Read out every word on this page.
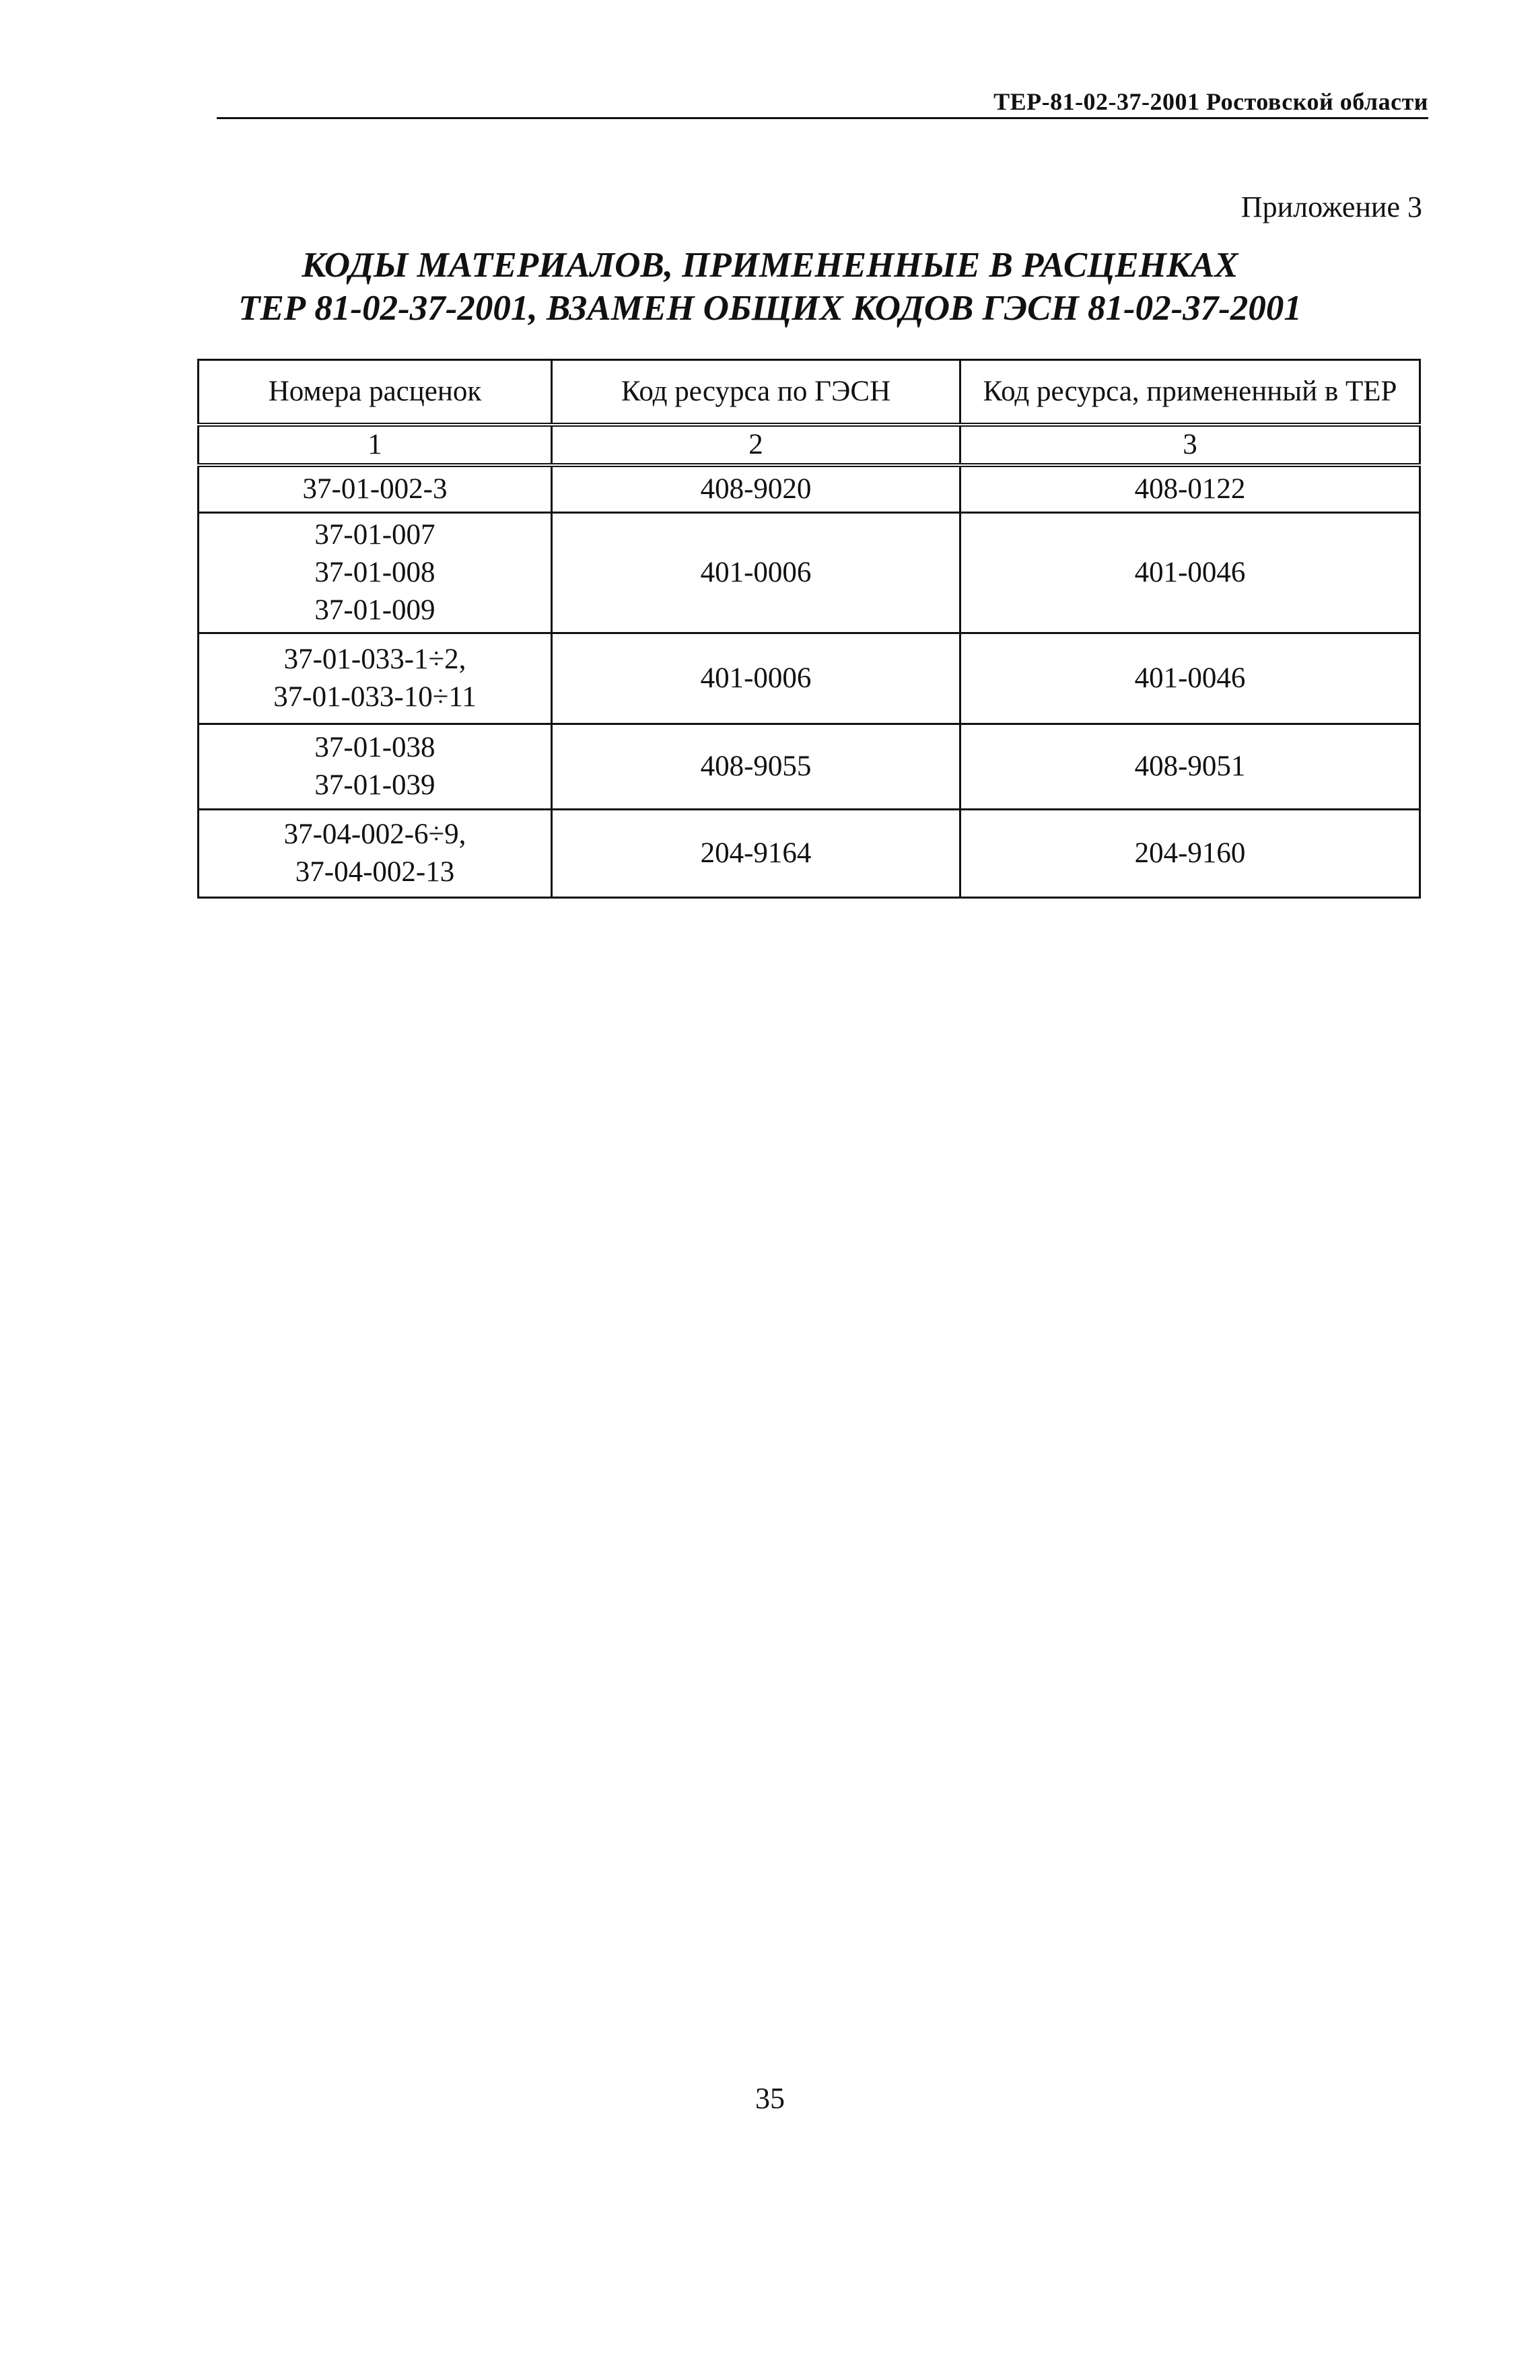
ТЕР-81-02-37-2001 Ростовской области
Приложение 3
КОДЫ МАТЕРИАЛОВ, ПРИМЕНЕННЫЕ В РАСЦЕНКАХ
ТЕР 81-02-37-2001, ВЗАМЕН ОБЩИХ КОДОВ ГЭСН 81-02-37-2001
Номера расценок	Код ресурса по ГЭСН	Код ресурса, примененный в ТЕР
1	2	3

37-01-002-3	408-9020	408-0122

37-01-007
37-01-008
37-01-009	401-0006	401-0046

37-01-033-1÷2,
37-01-033-10÷11	401-0006	401-0046

37-01-038
37-01-039	408-9055	408-9051

37-04-002-6÷9,
37-04-002-13	204-9164	204-9160
35
